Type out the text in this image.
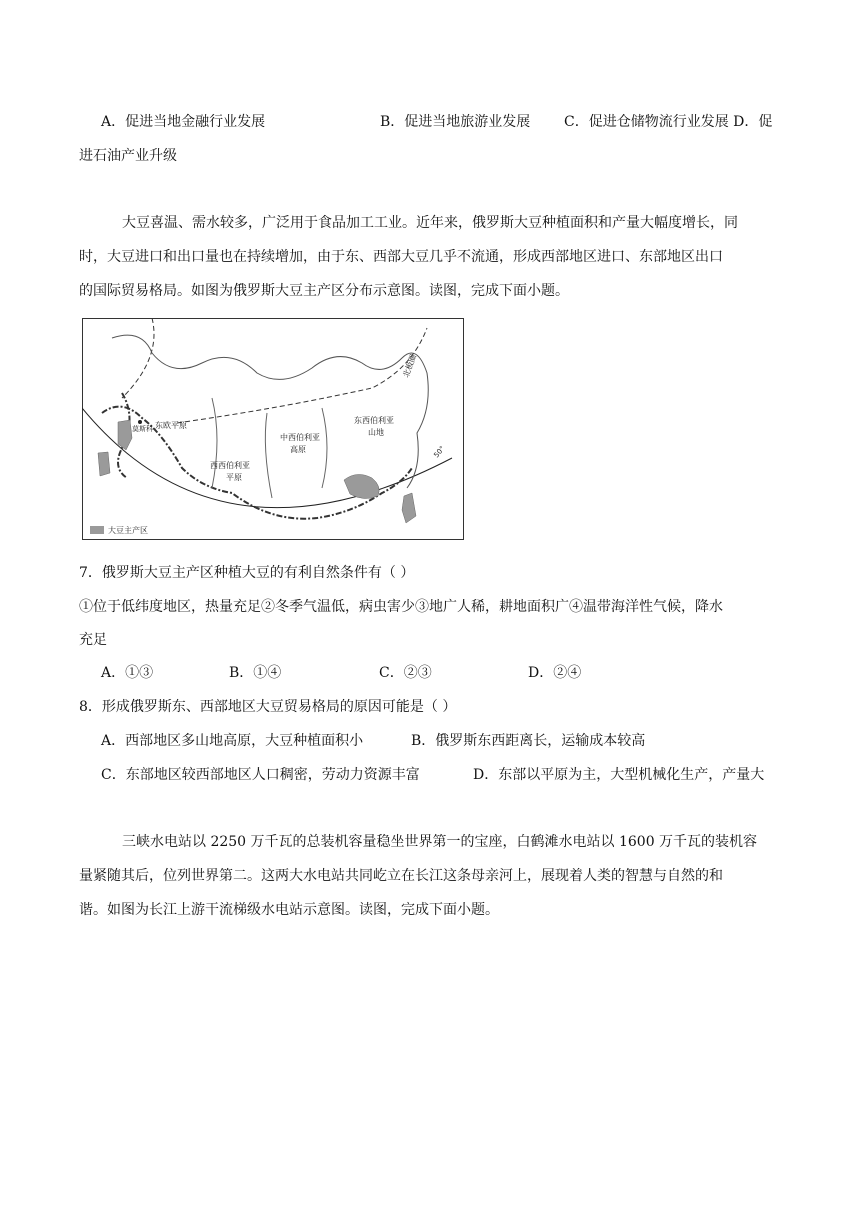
A．促进当地金融行业发展	B．促进当地旅游业发展 C．促进仓储物流行业发展 D．促
进石油产业升级
大豆喜温、需水较多，广泛用于食品加工工业。近年来，俄罗斯大豆种植面积和产量大幅度增长，同
时，大豆进口和出口量也在持续增加，由于东、西部大豆几乎不流通，形成西部地区进口、东部地区出口
的国际贸易格局。如图为俄罗斯大豆主产区分布示意图。读图，完成下面小题。
莫斯科 东欧平原
中西伯利亚
高原
东西伯利亚
山地
西西伯利亚
平原
北极圈
50°
大豆主产区
7．俄罗斯大豆主产区种植大豆的有利自然条件有（ ）
①位于低纬度地区，热量充足②冬季气温低，病虫害少③地广人稀，耕地面积广④温带海洋性气候，降水
充足
A．①③	B．①④	C．②③	D．②④
8．形成俄罗斯东、西部地区大豆贸易格局的原因可能是（ ）
A．西部地区多山地高原，大豆种植面积小	B．俄罗斯东西距离长，运输成本较高
C．东部地区较西部地区人口稠密，劳动力资源丰富	D．东部以平原为主，大型机械化生产，产量大
三峡水电站以 2250 万千瓦的总装机容量稳坐世界第一的宝座，白鹤滩水电站以 1600 万千瓦的装机容
量紧随其后，位列世界第二。这两大水电站共同屹立在长江这条母亲河上，展现着人类的智慧与自然的和
谐。如图为长江上游干流梯级水电站示意图。读图，完成下面小题。
